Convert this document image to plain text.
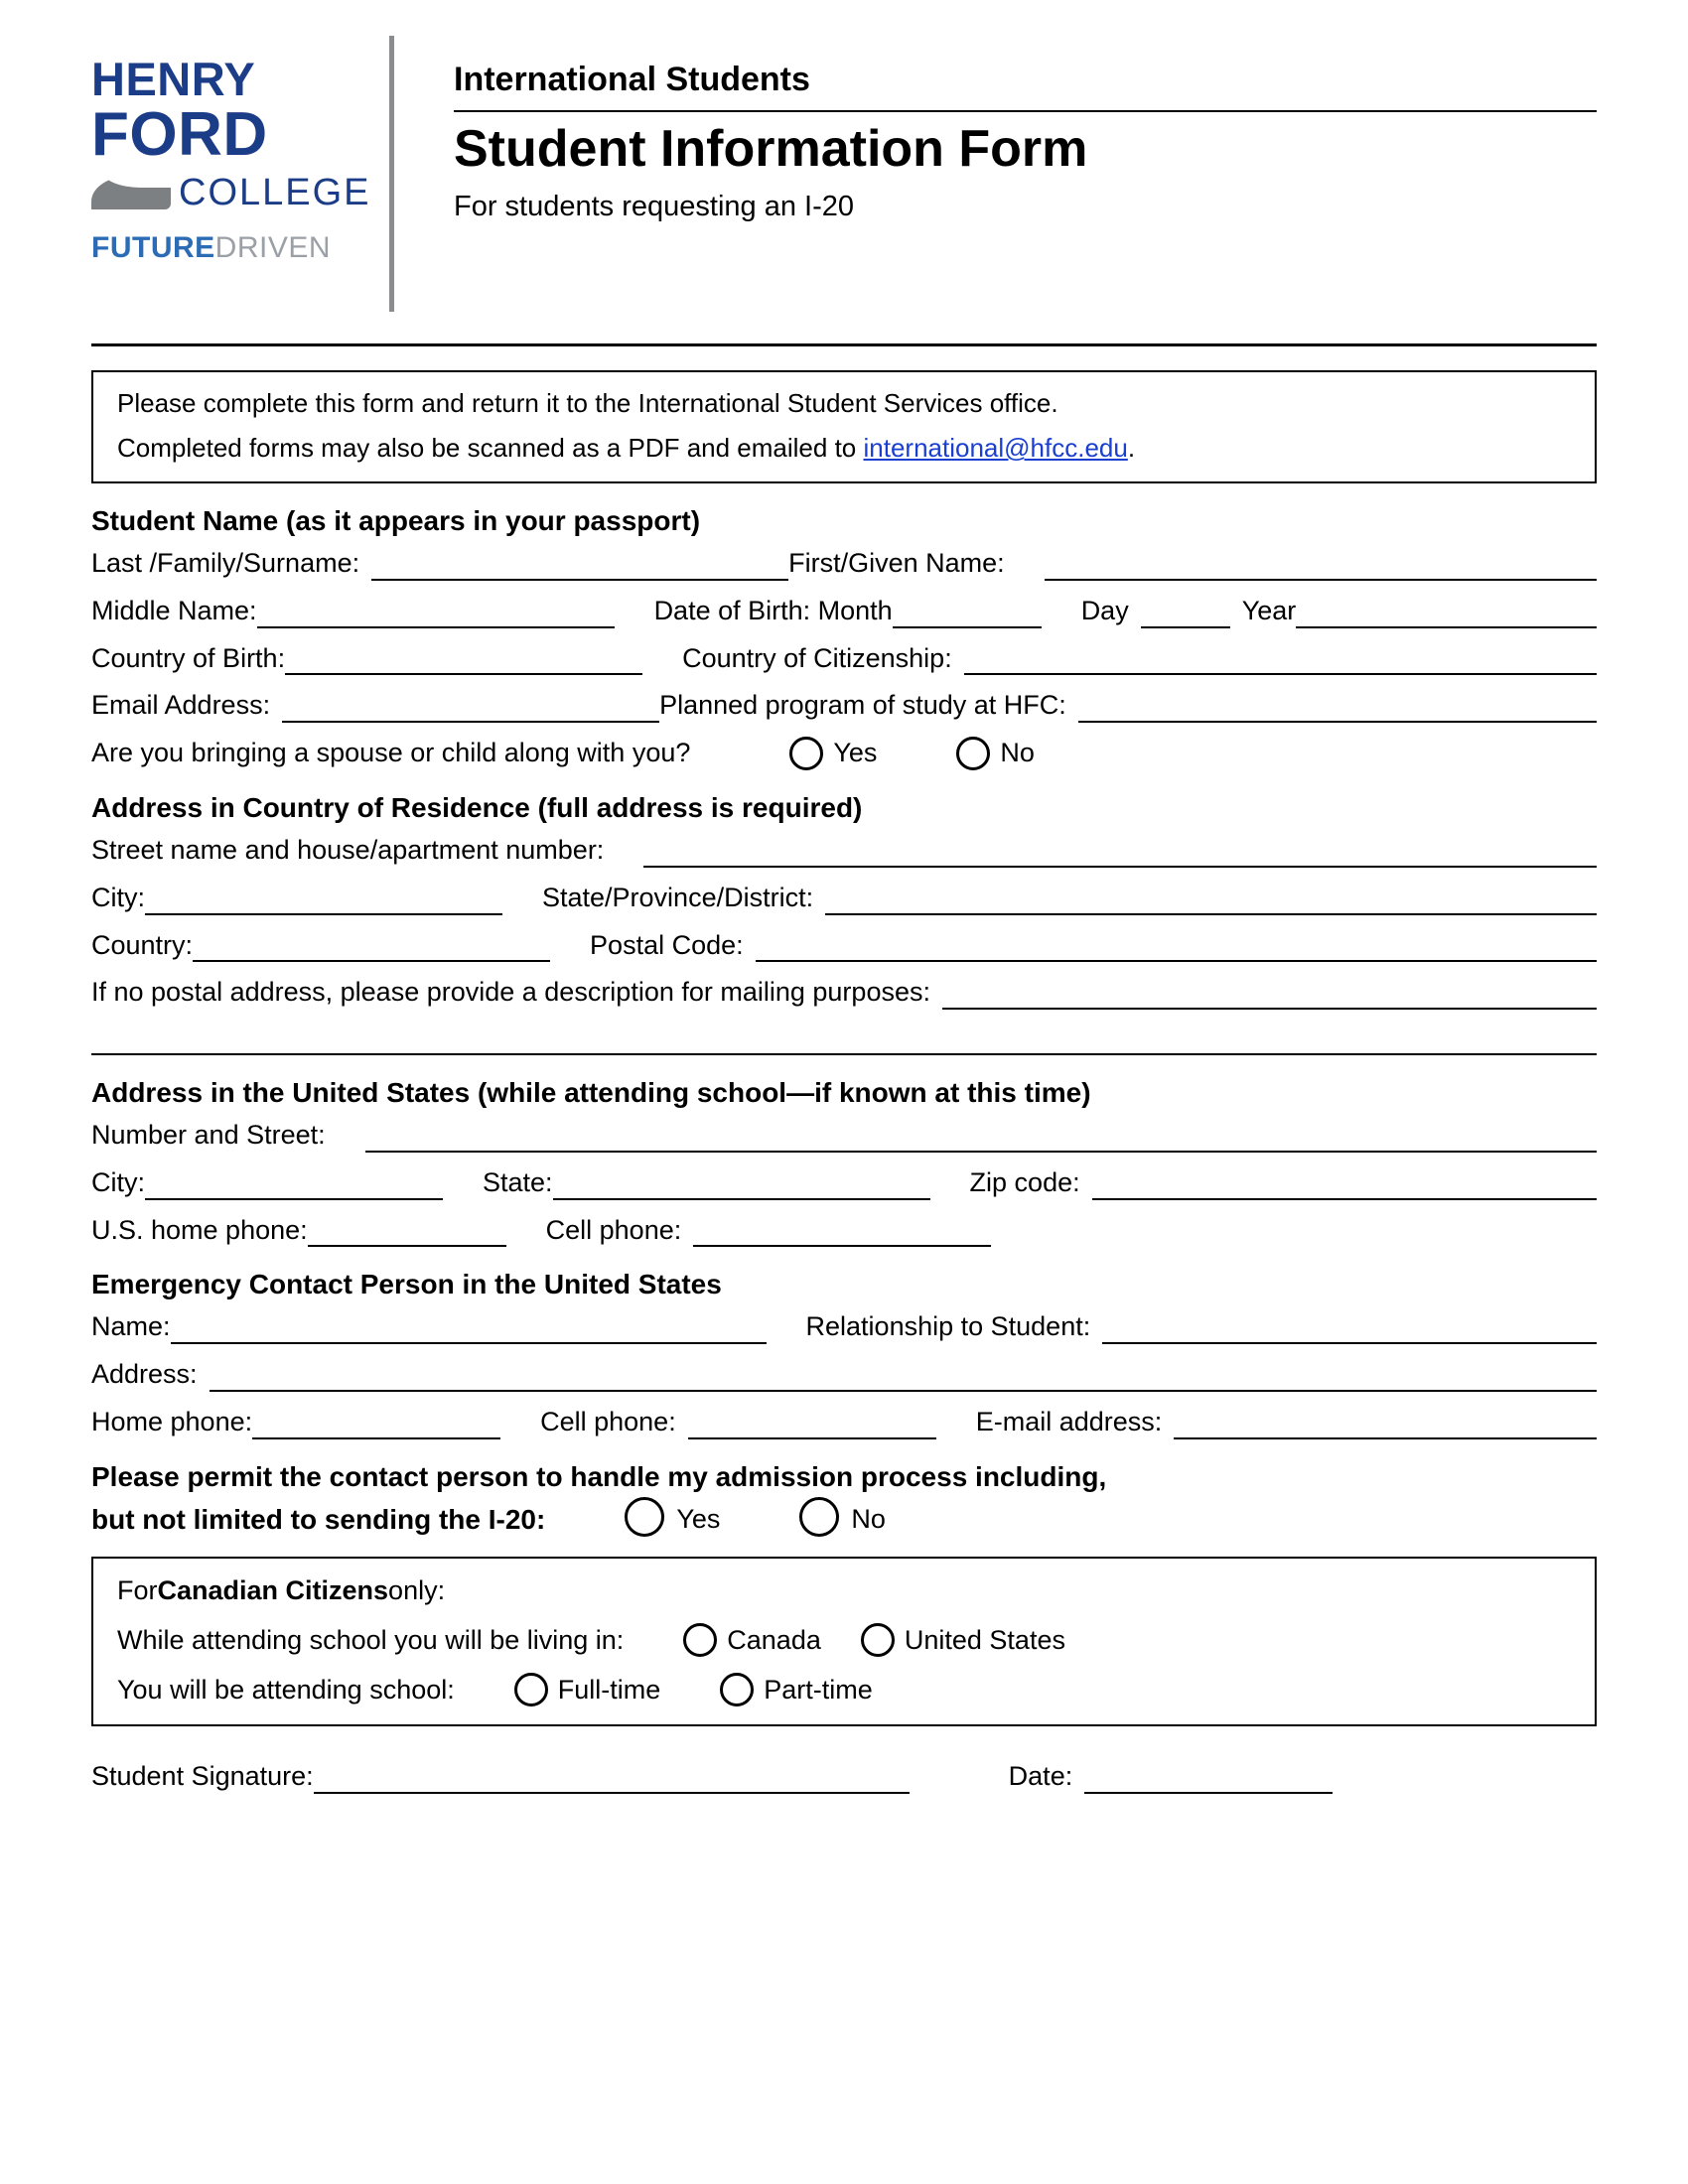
HENRY
FORD
COLLEGE
FUTUREDRIVEN
International Students
Student Information Form
For students requesting an I-20

Please complete this form and return it to the International Student Services office.

Completed forms may also be scanned as a PDF and emailed to international@hfcc.edu.

Student Name (as it appears in your passport)
Last /Family/Surname:	First/Given Name:
Middle Name:	Date of Birth: Month	Day	Year
Country of Birth:	Country of Citizenship:
Email Address:	Planned program of study at HFC:
Are you bringing a spouse or child along with you?	Yes	No
Address in Country of Residence (full address is required)
Street name and house/apartment number:
City:	State/Province/District:
Country:	Postal Code:
If no postal address, please provide a description for mailing purposes:
Address in the United States (while attending school—if known at this time)
Number and Street:
City:	State:	Zip code:
U.S. home phone:	Cell phone:
Emergency Contact Person in the United States
Name:	Relationship to Student:
Address:
Home phone:	Cell phone:	E-mail address:
Please permit the contact person to handle my admission process including,
but not limited to sending the I-20:	Yes	No
For Canadian Citizens only:
While attending school you will be living in:	Canada	United States
You will be attending school:	Full-time	Part-time
Student Signature:	Date:
